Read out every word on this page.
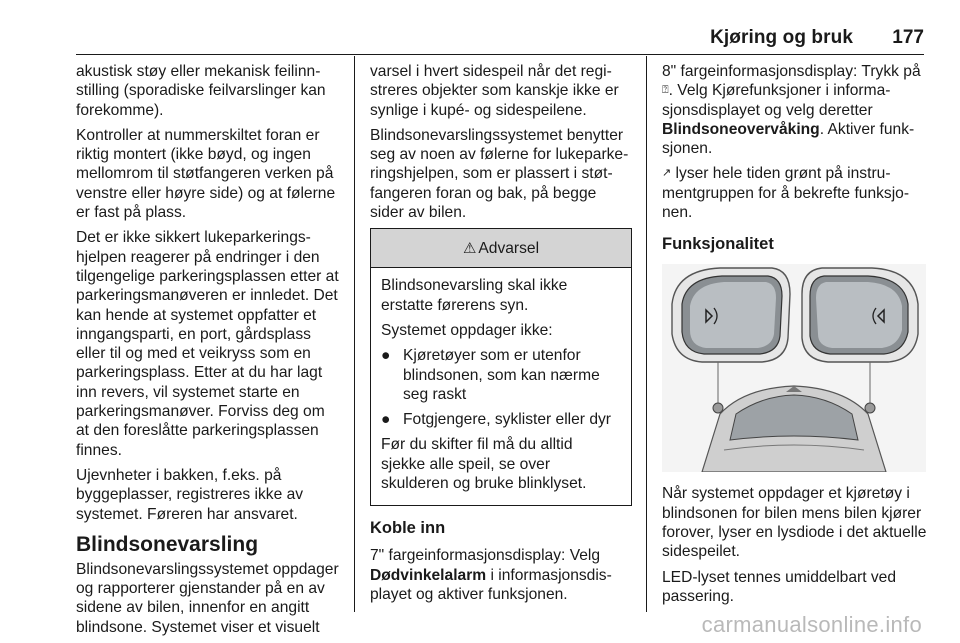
Kjøring og bruk 177

akustisk støy eller mekanisk feilinnstilling (sporadiske feilvarslinger kan forekomme).

Kontroller at nummerskiltet foran er riktig montert (ikke bøyd, og ingen mellomrom til støtfangeren verken på venstre eller høyre side) og at følerne er fast på plass.

Det er ikke sikkert lukeparkeringshjelpen reagerer på endringer i den tilgengelige parkeringsplassen etter at parkeringsmanøveren er innledet. Det kan hende at systemet oppfatter et inngangsparti, en port, gårdsplass eller til og med et veikryss som en parkeringsplass. Etter at du har lagt inn revers, vil systemet starte en parkeringsmanøver. Forviss deg om at den foreslåtte parkeringsplassen finnes.

Ujevnheter i bakken, f.eks. på byggeplasser, registreres ikke av systemet. Føreren har ansvaret.

Blindsonevarsling

Blindsonevarslingssystemet oppdager og rapporterer gjenstander på en av sidene av bilen, innenfor en angitt blindsone. Systemet viser et visuelt

varsel i hvert sidespeil når det registreres objekter som kanskje ikke er synlige i kupé- og sidespeilene.

Blindsonevarslingssystemet benytter seg av noen av følerne for lukeparkeringshjelpen, som er plassert i støtfangeren foran og bak, på begge sider av bilen.

⚠ Advarsel

Blindsonevarsling skal ikke erstatte førerens syn.

Systemet oppdager ikke:

● Kjøretøyer som er utenfor blindsonen, som kan nærme seg raskt
● Fotgjengere, syklister eller dyr

Før du skifter fil må du alltid sjekke alle speil, se over skulderen og bruke blinklyset.

Koble inn

7" fargeinformasjonsdisplay: Velg Dødvinkelalarm i informasjonsdisplayet og aktiver funksjonen.

8" fargeinformasjonsdisplay: Trykk på ⍰. Velg Kjørefunksjoner i informasjonsdisplayet og velg deretter Blindsoneovervåking. Aktiver funksjonen.

↗ lyser hele tiden grønt på instrumentgruppen for å bekrefte funksjonen.

Funksjonalitet

Når systemet oppdager et kjøretøy i blindsonen for bilen mens bilen kjører forover, lyser en lysdiode i det aktuelle sidespeilet.

LED-lyset tennes umiddelbart ved passering.

carmanualsonline.info
